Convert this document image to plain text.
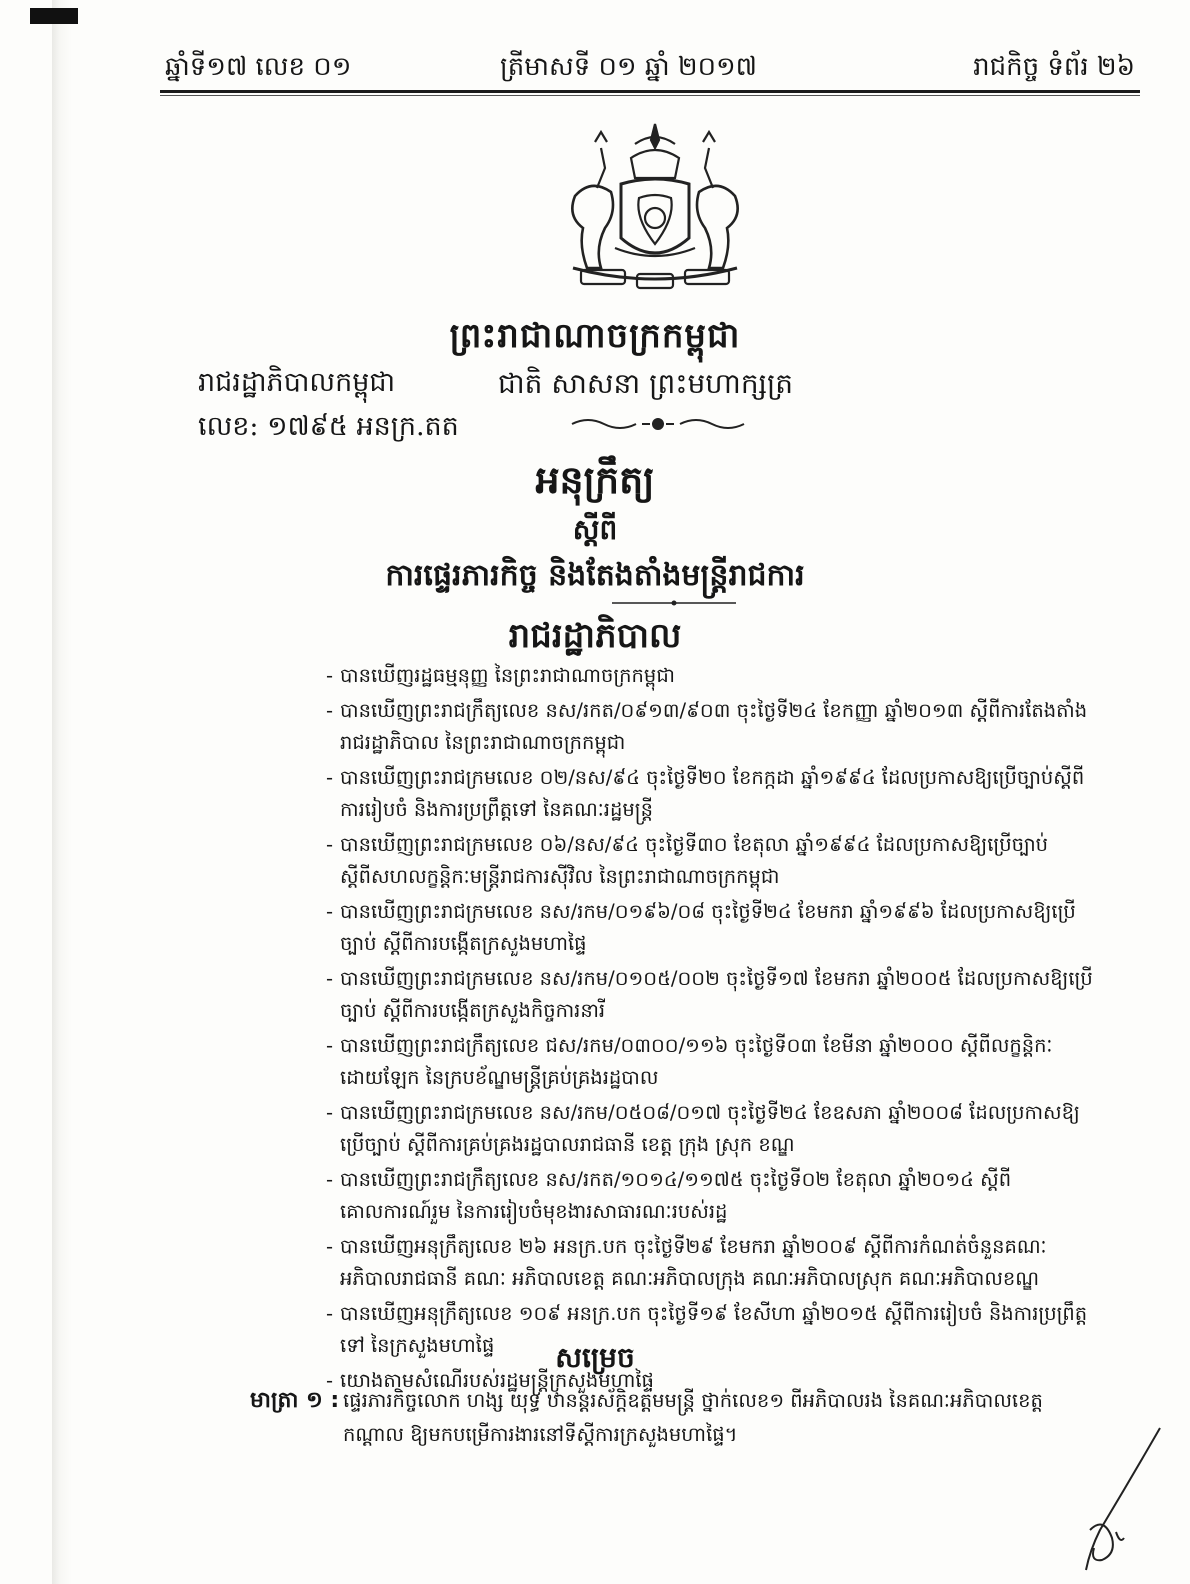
ឆ្នាំទី១៧ លេខ ០១	ត្រីមាសទី ០១ ឆ្នាំ ២០១៧	រាជកិច្ច ទំព័រ ២៦
ព្រះរាជាណាចក្រកម្ពុជា
រាជរដ្ឋាភិបាលកម្ពុជា	ជាតិ សាសនា ព្រះមហាក្សត្រ
លេខ: ១៧៩៥ អនក្រ.តត
អនុក្រឹត្យ
ស្ដីពី
ការផ្ទេរភារកិច្ច និងតែងតាំងមន្ត្រីរាជការ
រាជរដ្ឋាភិបាល
- បានឃើញរដ្ឋធម្មនុញ្ញ នៃព្រះរាជាណាចក្រកម្ពុជា
- បានឃើញព្រះរាជក្រឹត្យលេខ នស/រកត/០៩១៣/៩០៣ ចុះថ្ងៃទី២៤ ខែកញ្ញា ឆ្នាំ២០១៣ ស្ដីពីការតែងតាំងរាជរដ្ឋាភិបាល នៃព្រះរាជាណាចក្រកម្ពុជា
- បានឃើញព្រះរាជក្រមលេខ ០២/នស/៩៤ ចុះថ្ងៃទី២០ ខែកក្កដា ឆ្នាំ១៩៩៤ ដែលប្រកាសឱ្យប្រើច្បាប់ស្ដីពីការរៀបចំ និងការប្រព្រឹត្តទៅ នៃគណៈរដ្ឋមន្ត្រី
- បានឃើញព្រះរាជក្រមលេខ ០៦/នស/៩៤ ចុះថ្ងៃទី៣០ ខែតុលា ឆ្នាំ១៩៩៤ ដែលប្រកាសឱ្យប្រើច្បាប់ ស្ដីពីសហលក្ខន្តិកៈមន្ត្រីរាជការស៊ីវិល នៃព្រះរាជាណាចក្រកម្ពុជា
- បានឃើញព្រះរាជក្រមលេខ នស/រកម/០១៩៦/០៨ ចុះថ្ងៃទី២៤ ខែមករា ឆ្នាំ១៩៩៦ ដែលប្រកាសឱ្យប្រើច្បាប់ ស្ដីពីការបង្កើតក្រសួងមហាផ្ទៃ
- បានឃើញព្រះរាជក្រមលេខ នស/រកម/០១០៥/០០២ ចុះថ្ងៃទី១៧ ខែមករា ឆ្នាំ២០០៥ ដែលប្រកាសឱ្យប្រើច្បាប់ ស្ដីពីការបង្កើតក្រសួងកិច្ចការនារី
- បានឃើញព្រះរាជក្រឹត្យលេខ ជស/រកម/០៣០០/១១៦ ចុះថ្ងៃទី០៣ ខែមីនា ឆ្នាំ២០០០ ស្ដីពីលក្ខន្តិកៈដោយឡែក នៃក្របខ័ណ្ឌមន្ត្រីគ្រប់គ្រងរដ្ឋបាល
- បានឃើញព្រះរាជក្រមលេខ នស/រកម/០៥០៨/០១៧ ចុះថ្ងៃទី២៤ ខែឧសភា ឆ្នាំ២០០៨ ដែលប្រកាសឱ្យប្រើច្បាប់ ស្ដីពីការគ្រប់គ្រងរដ្ឋបាលរាជធានី ខេត្ត ក្រុង ស្រុក ខណ្ឌ
- បានឃើញព្រះរាជក្រឹត្យលេខ នស/រកត/១០១៤/១១៧៥ ចុះថ្ងៃទី០២ ខែតុលា ឆ្នាំ២០១៤ ស្ដីពីគោលការណ៍រួម នៃការរៀបចំមុខងារសាធារណៈរបស់រដ្ឋ
- បានឃើញអនុក្រឹត្យលេខ ២៦ អនក្រ.បក ចុះថ្ងៃទី២៩ ខែមករា ឆ្នាំ២០០៩ ស្ដីពីការកំណត់ចំនួនគណៈអភិបាលរាជធានី គណៈ អភិបាលខេត្ត គណៈអភិបាលក្រុង គណៈអភិបាលស្រុក គណៈអភិបាលខណ្ឌ
- បានឃើញអនុក្រឹត្យលេខ ១០៩ អនក្រ.បក ចុះថ្ងៃទី១៩ ខែសីហា ឆ្នាំ២០១៥ ស្ដីពីការរៀបចំ និងការប្រព្រឹត្តទៅ នៃក្រសួងមហាផ្ទៃ
- យោងតាមសំណើរបស់រដ្ឋមន្ត្រីក្រសួងមហាផ្ទៃ
សម្រេច
មាត្រា ១ : ផ្ទេរភារកិច្ចលោក ហង្ស យុទ្ធ ឋានន្តរស័ក្តិឧត្តមមន្ត្រី ថ្នាក់លេខ១ ពីអភិបាលរង នៃគណៈអភិបាលខេត្តកណ្ដាល ឱ្យមកបម្រើការងារនៅទីស្ដីការក្រសួងមហាផ្ទៃ។
